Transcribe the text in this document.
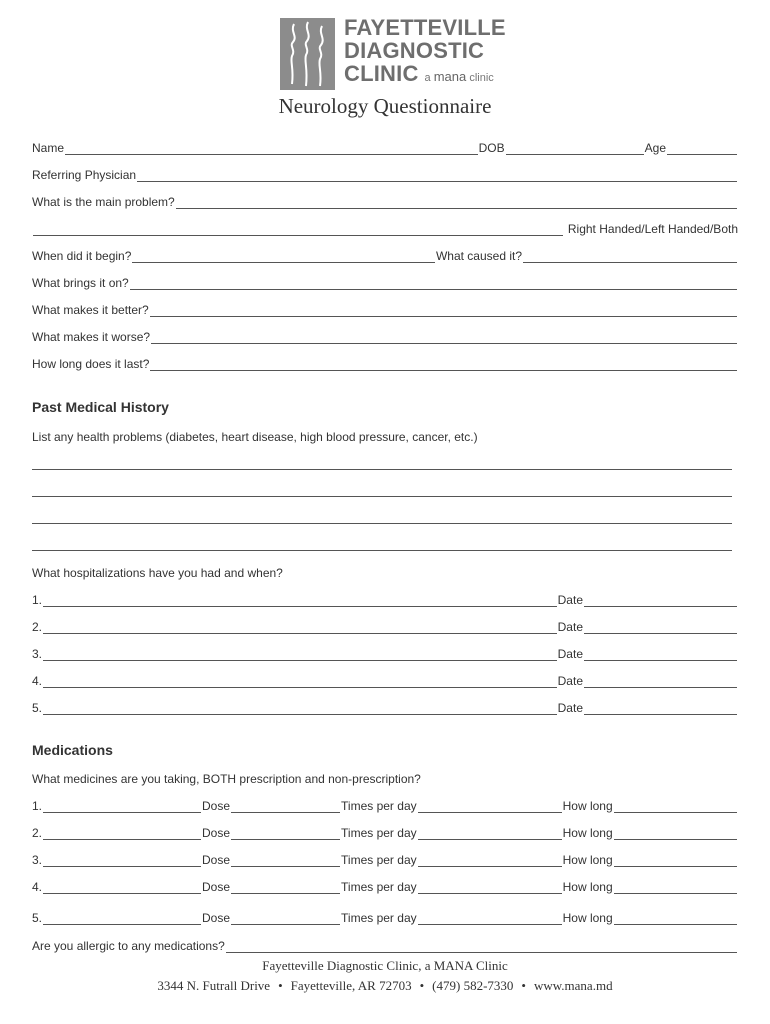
FAYETTEVILLE
DIAGNOSTIC
CLINIC a mana clinic
Neurology Questionnaire
Name	DOB	Age
Referring Physician
What is the main problem?
Right Handed/Left Handed/Both
When did it begin?	What caused it?
What brings it on?
What makes it better?
What makes it worse?
How long does it last?
Past Medical History
List any health problems (diabetes, heart disease, high blood pressure, cancer, etc.)
What hospitalizations have you had and when?
1.	Date
2.	Date
3.	Date
4.	Date
5.	Date
Medications
What medicines are you taking, BOTH prescription and non-prescription?
1.	Dose	Times per day	How long
2.	Dose	Times per day	How long
3.	Dose	Times per day	How long
4.	Dose	Times per day	How long
5.	Dose	Times per day	How long
Are you allergic to any medications?
Fayetteville Diagnostic Clinic, a MANA Clinic
3344 N. Futrall Drive • Fayetteville, AR 72703 • (479) 582-7330 • www.mana.md
